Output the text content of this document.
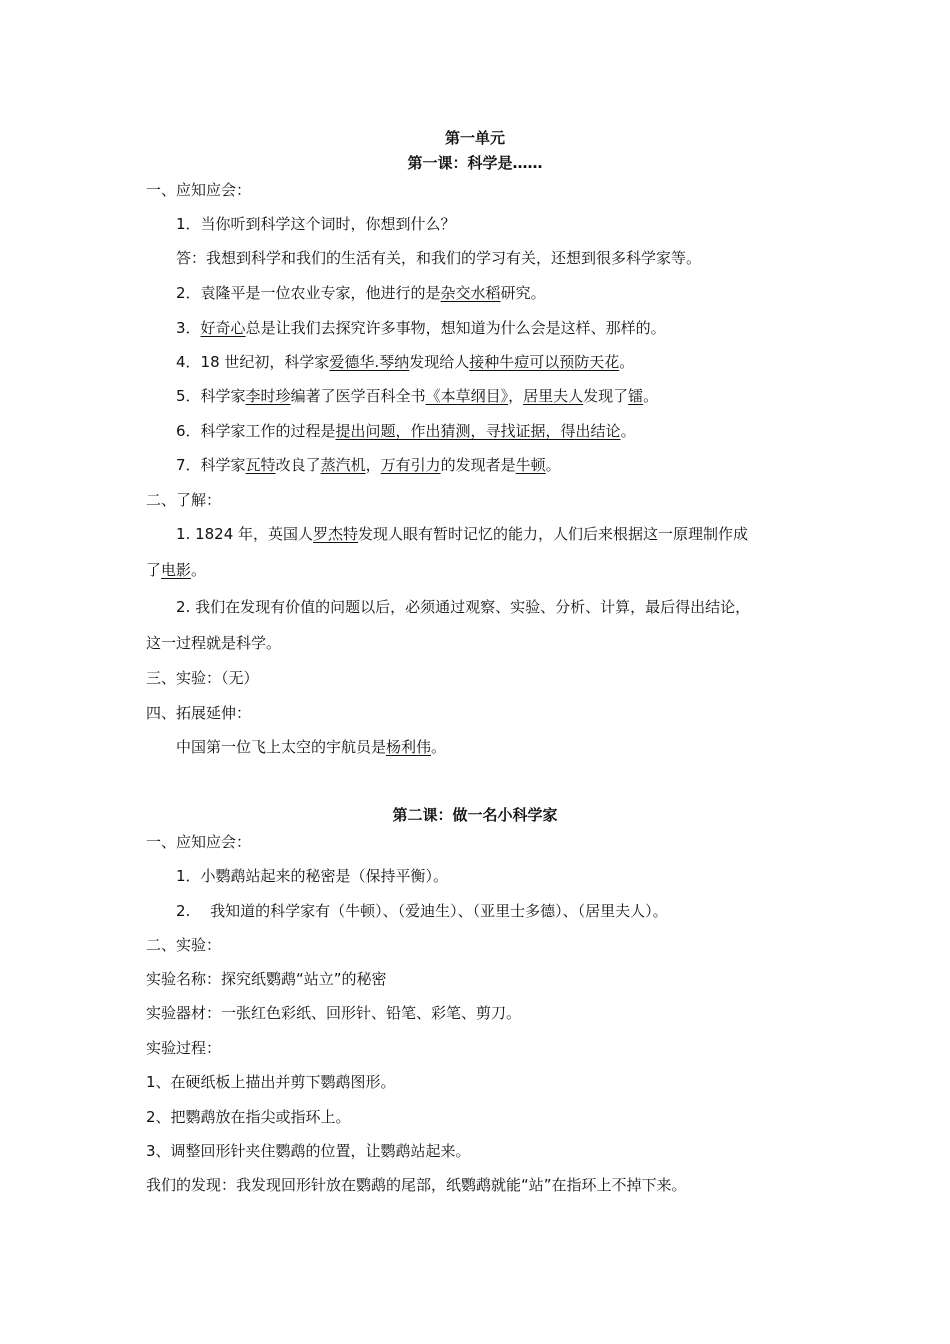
第一单元
第一课：科学是……
一、应知应会：
1．当你听到科学这个词时，你想到什么？
答：我想到科学和我们的生活有关，和我们的学习有关，还想到很多科学家等。
2．袁隆平是一位农业专家，他进行的是杂交水稻研究。
3．好奇心总是让我们去探究许多事物，想知道为什么会是这样、那样的。
4．18 世纪初，科学家爱德华.琴纳发现给人接种牛痘可以预防天花。
5．科学家李时珍编著了医学百科全书《本草纲目》，居里夫人发现了镭。
6．科学家工作的过程是提出问题，作出猜测，寻找证据，得出结论。
7．科学家瓦特改良了蒸汽机，万有引力的发现者是牛顿。
二、了解：
1. 1824 年，英国人罗杰特发现人眼有暂时记忆的能力，人们后来根据这一原理制作成
了电影。
2. 我们在发现有价值的问题以后，必须通过观察、实验、分析、计算，最后得出结论，
这一过程就是科学。
三、实验：（无）
四、拓展延伸：
中国第一位飞上太空的宇航员是杨利伟。
第二课：做一名小科学家
一、应知应会：
1．小鹦鹉站起来的秘密是（保持平衡）。
2.　 我知道的科学家有（牛顿）、（爱迪生）、（亚里士多德）、（居里夫人）。
二、实验：
实验名称：探究纸鹦鹉“站立”的秘密
实验器材：一张红色彩纸、回形针、铅笔、彩笔、剪刀。
实验过程：
1、在硬纸板上描出并剪下鹦鹉图形。
2、把鹦鹉放在指尖或指环上。
3、调整回形针夹住鹦鹉的位置，让鹦鹉站起来。
我们的发现：我发现回形针放在鹦鹉的尾部，纸鹦鹉就能“站”在指环上不掉下来。
